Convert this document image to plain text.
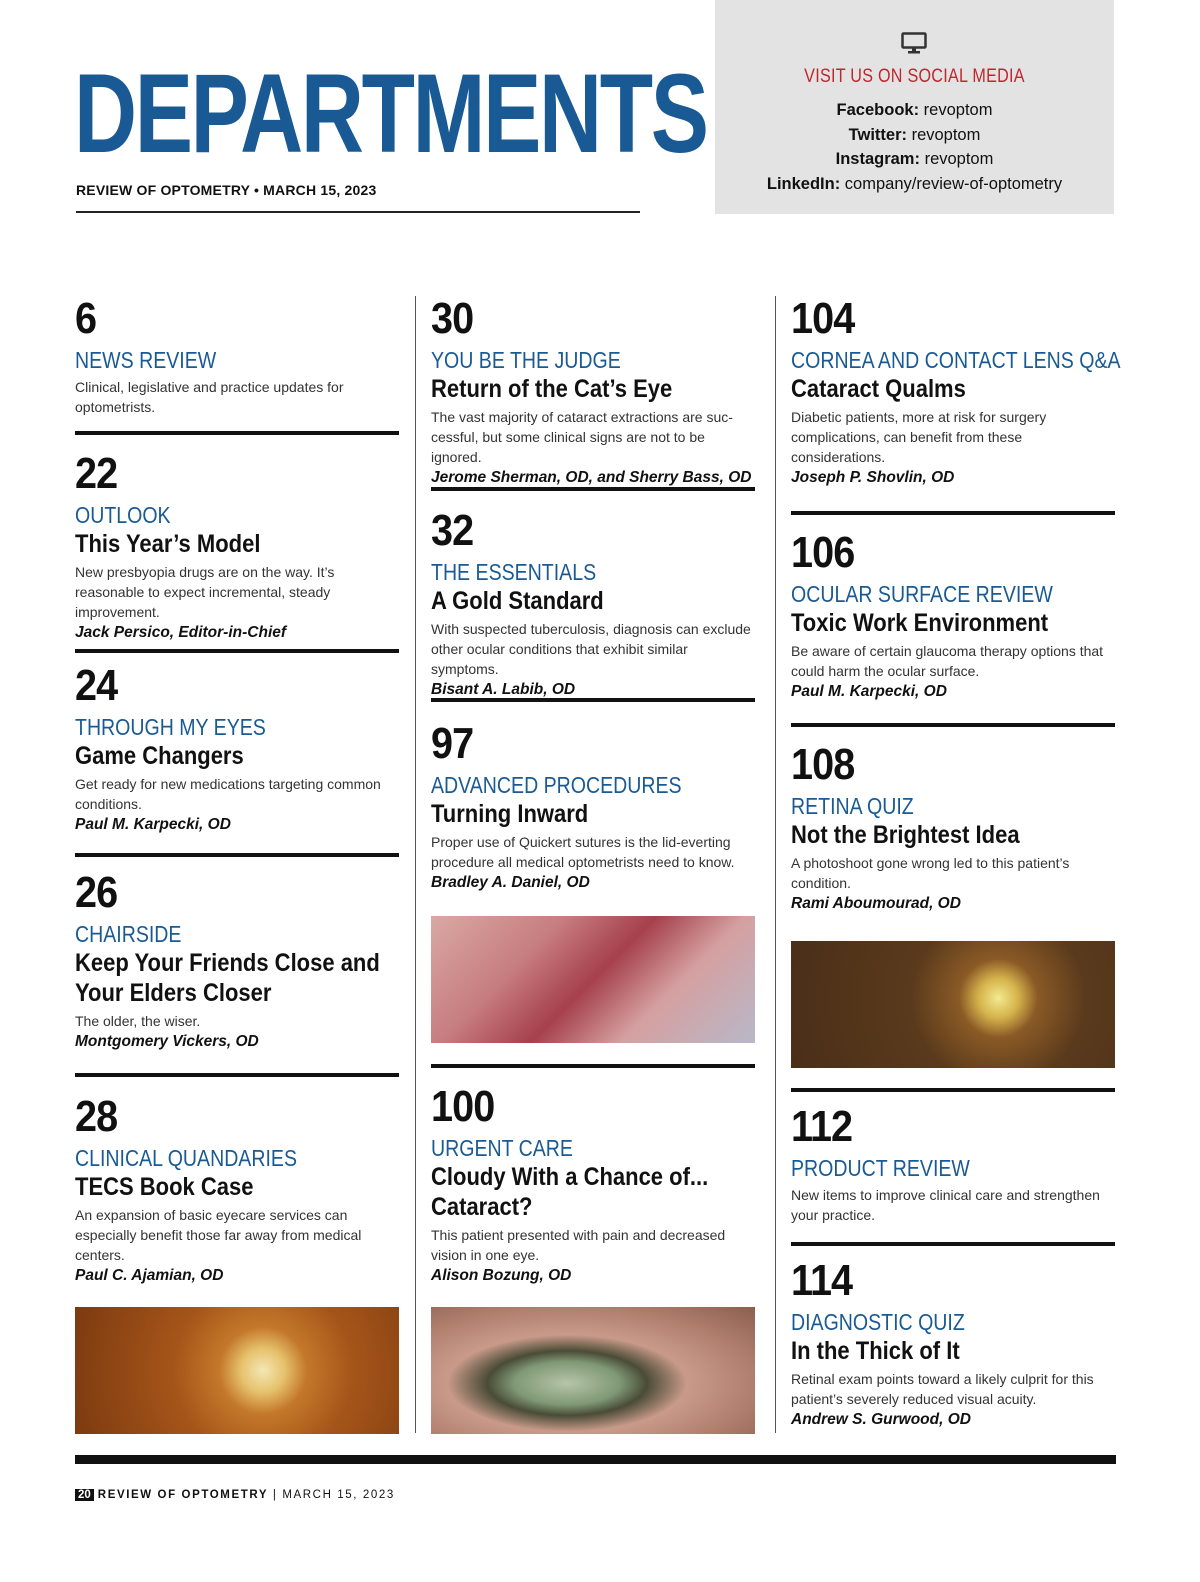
DEPARTMENTS
REVIEW OF OPTOMETRY • MARCH 15, 2023
VISIT US ON SOCIAL MEDIA
Facebook: revoptom
Twitter: revoptom
Instagram: revoptom
LinkedIn: company/review-of-optometry
6
NEWS REVIEW
Clinical, legislative and practice updates for optometrists.
22
OUTLOOK
This Year’s Model
New presbyopia drugs are on the way. It’s reasonable to expect incremental, steady improvement.
Jack Persico, Editor-in-Chief
24
THROUGH MY EYES
Game Changers
Get ready for new medications targeting common conditions.
Paul M. Karpecki, OD
26
CHAIRSIDE
Keep Your Friends Close and Your Elders Closer
The older, the wiser.
Montgomery Vickers, OD
28
CLINICAL QUANDARIES
TECS Book Case
An expansion of basic eyecare services can especially benefit those far away from medical centers.
Paul C. Ajamian, OD
30
YOU BE THE JUDGE
Return of the Cat’s Eye
The vast majority of cataract extractions are suc-cessful, but some clinical signs are not to be ignored.
Jerome Sherman, OD, and Sherry Bass, OD
32
THE ESSENTIALS
A Gold Standard
With suspected tuberculosis, diagnosis can exclude other ocular conditions that exhibit similar symptoms.
Bisant A. Labib, OD
97
ADVANCED PROCEDURES
Turning Inward
Proper use of Quickert sutures is the lid-everting procedure all medical optometrists need to know.
Bradley A. Daniel, OD
100
URGENT CARE
Cloudy With a Chance of... Cataract?
This patient presented with pain and decreased vision in one eye.
Alison Bozung, OD
104
CORNEA AND CONTACT LENS Q&A
Cataract Qualms
Diabetic patients, more at risk for surgery complications, can benefit from these considerations.
Joseph P. Shovlin, OD
106
OCULAR SURFACE REVIEW
Toxic Work Environment
Be aware of certain glaucoma therapy options that could harm the ocular surface.
Paul M. Karpecki, OD
108
RETINA QUIZ
Not the Brightest Idea
A photoshoot gone wrong led to this patient’s condition.
Rami Aboumourad, OD
112
PRODUCT REVIEW
New items to improve clinical care and strengthen your practice.
114
DIAGNOSTIC QUIZ
In the Thick of It
Retinal exam points toward a likely culprit for this patient’s severely reduced visual acuity.
Andrew S. Gurwood, OD
20 REVIEW OF OPTOMETRY | MARCH 15, 2023
